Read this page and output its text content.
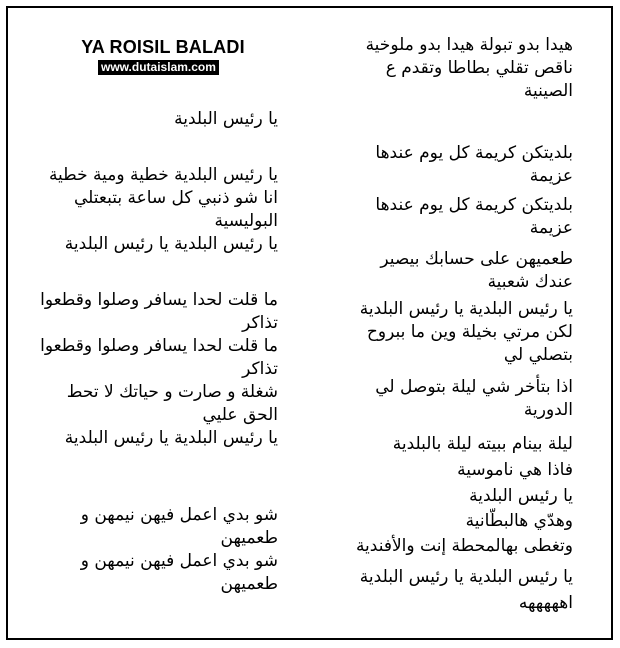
YA ROISIL BALADI
www.dutaislam.com
يا رئيس البلدية
يا رئيس البلدية خطية ومية خطية
انا شو ذنبي كل ساعة بتبعتلي
البوليسية
يا رئيس البلدية يا رئيس البلدية
ما قلت لحدا يسافر وصلوا وقطعوا
تذاكر
ما قلت لحدا يسافر وصلوا وقطعوا
تذاكر
شغلة و صارت و حياتك لا تحط
الحق عليي
يا رئيس البلدية يا رئيس البلدية
شو بدي اعمل فيهن نيمهن و
طعميهن
شو بدي اعمل فيهن نيمهن و
طعميهن
هيدا بدو تبولة هيدا بدو ملوخية
ناقص تقلي بطاطا وتقدم ع
الصينية
بلديتكن كريمة كل يوم عندها
عزيمة
بلديتكن كريمة كل يوم عندها
عزيمة
طعميهن على حسابك بيصير
عندك شعبية
يا رئيس البلدية يا رئيس البلدية
لكن مرتي بخيلة وين ما ببروح
بتصلي لي
اذا بتأخر شي ليلة بتوصل لي
الدورية
ليلة بينام ببيته ليلة بالبلدية
فاذا هي ناموسية
يا رئيس البلدية
وهدّي هالبطّانية
وتغطى بهالمحطة إنت والأفندية
يا رئيس البلدية يا رئيس البلدية
اهههههه
